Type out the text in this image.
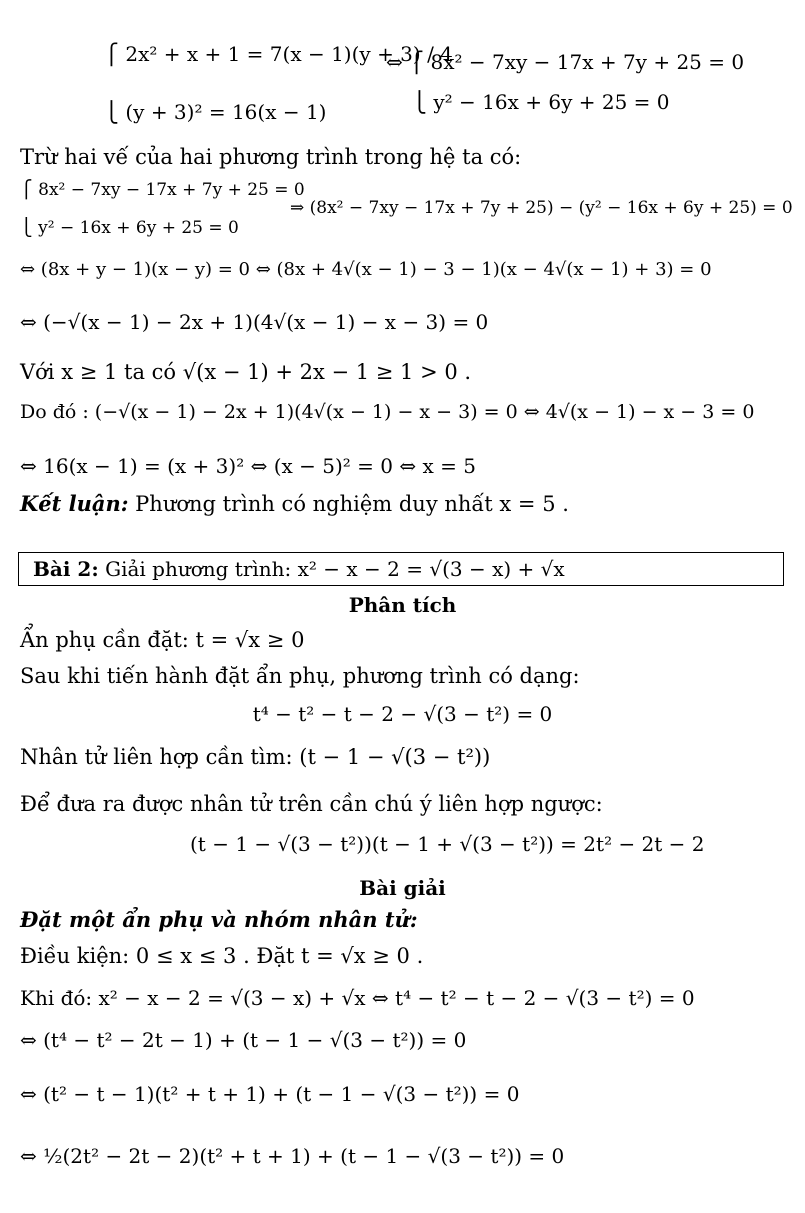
⎧ 2x² + x + 1 = 7(x − 1)(y + 3) / 4
⎩ (y + 3)² = 16(x − 1)
⇔ ⎧ 8x² − 7xy − 17x + 7y + 25 = 0
⎩ y² − 16x + 6y + 25 = 0
Trừ hai vế của hai phương trình trong hệ ta có:
⎧ 8x² − 7xy − 17x + 7y + 25 = 0
⎩ y² − 16x + 6y + 25 = 0
⇒ (8x² − 7xy − 17x + 7y + 25) − (y² − 16x + 6y + 25) = 0
⇔ (8x + y − 1)(x − y) = 0 ⇔ (8x + 4√(x − 1) − 3 − 1)(x − 4√(x − 1) + 3) = 0
⇔ (−√(x − 1) − 2x + 1)(4√(x − 1) − x − 3) = 0
Với x ≥ 1 ta có √(x − 1) + 2x − 1 ≥ 1 > 0 .
Do đó : (−√(x − 1) − 2x + 1)(4√(x − 1) − x − 3) = 0 ⇔ 4√(x − 1) − x − 3 = 0
⇔ 16(x − 1) = (x + 3)² ⇔ (x − 5)² = 0 ⇔ x = 5
Kết luận: Phương trình có nghiệm duy nhất x = 5 .
Bài 2: Giải phương trình: x² − x − 2 = √(3 − x) + √x
Phân tích
Ẩn phụ cần đặt: t = √x ≥ 0
Sau khi tiến hành đặt ẩn phụ, phương trình có dạng:
t⁴ − t² − t − 2 − √(3 − t²) = 0
Nhân tử liên hợp cần tìm: (t − 1 − √(3 − t²))
Để đưa ra được nhân tử trên cần chú ý liên hợp ngược:
(t − 1 − √(3 − t²))(t − 1 + √(3 − t²)) = 2t² − 2t − 2
Bài giải
Đặt một ẩn phụ và nhóm nhân tử:
Điều kiện: 0 ≤ x ≤ 3 . Đặt t = √x ≥ 0 .
Khi đó: x² − x − 2 = √(3 − x) + √x ⇔ t⁴ − t² − t − 2 − √(3 − t²) = 0
⇔ (t⁴ − t² − 2t − 1) + (t − 1 − √(3 − t²)) = 0
⇔ (t² − t − 1)(t² + t + 1) + (t − 1 − √(3 − t²)) = 0
⇔ ½(2t² − 2t − 2)(t² + t + 1) + (t − 1 − √(3 − t²)) = 0
